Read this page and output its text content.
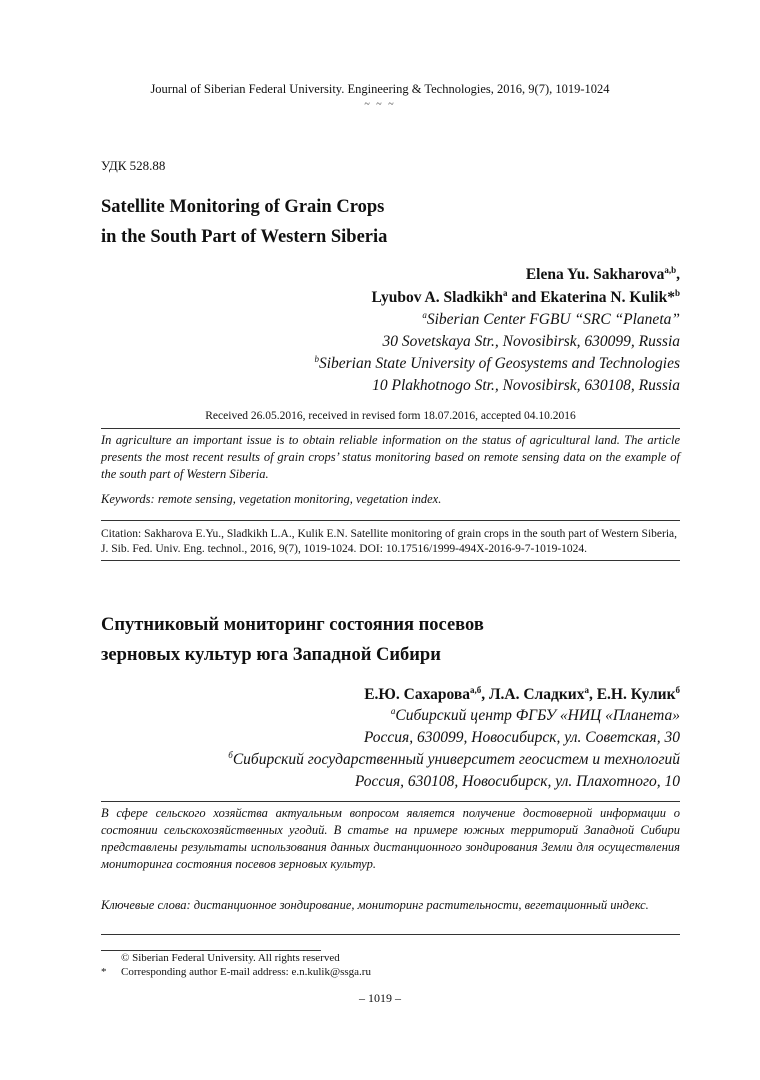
Journal of Siberian Federal University. Engineering & Technologies, 2016, 9(7), 1019-1024
~ ~ ~
УДК 528.88
Satellite Monitoring of Grain Crops
in the South Part of Western Siberia
Elena Yu. Sakharova$^{a,b}$,
Lyubov A. Sladkikh$^a$ and Ekaterina N. Kulik*$^b$
$^a$Siberian Center FGBU “SRC “Planeta”
30 Sovetskaya Str., Novosibirsk, 630099, Russia
$^b$Siberian State University of Geosystems and Technologies
10 Plakhotnogo Str., Novosibirsk, 630108, Russia
Received 26.05.2016, received in revised form 18.07.2016, accepted 04.10.2016
In agriculture an important issue is to obtain reliable information on the status of agricultural land. The article presents the most recent results of grain crops’ status monitoring based on remote sensing data on the example of the south part of Western Siberia.
Keywords: remote sensing, vegetation monitoring, vegetation index.
Citation: Sakharova E.Yu., Sladkikh L.A., Kulik E.N. Satellite monitoring of grain crops in the south part of Western Siberia, J. Sib. Fed. Univ. Eng. technol., 2016, 9(7), 1019-1024. DOI: 10.17516/1999-494X-2016-9-7-1019-1024.
Спутниковый мониторинг состояния посевов
зерновых культур юга Западной Сибири
Е.Ю. Сахарова$^{а,б}$, Л.А. Сладких$^а$, Е.Н. Кулик$^б$
$^а$Сибирский центр ФГБУ «НИЦ «Планета»
Россия, 630099, Новосибирск, ул. Советская, 30
$^б$Сибирский государственный университет геосистем и технологий
Россия, 630108, Новосибирск, ул. Плахотного, 10
В сфере сельского хозяйства актуальным вопросом является получение достоверной информации о состоянии сельскохозяйственных угодий. В статье на примере южных территорий Западной Сибири представлены результаты использования данных дистанционного зондирования Земли для осуществления мониторинга состояния посевов зерновых культур.
Ключевые слова: дистанционное зондирование, мониторинг растительности, вегетационный индекс.
© Siberian Federal University. All rights reserved
* Corresponding author E-mail address: e.n.kulik@ssga.ru
– 1019 –
